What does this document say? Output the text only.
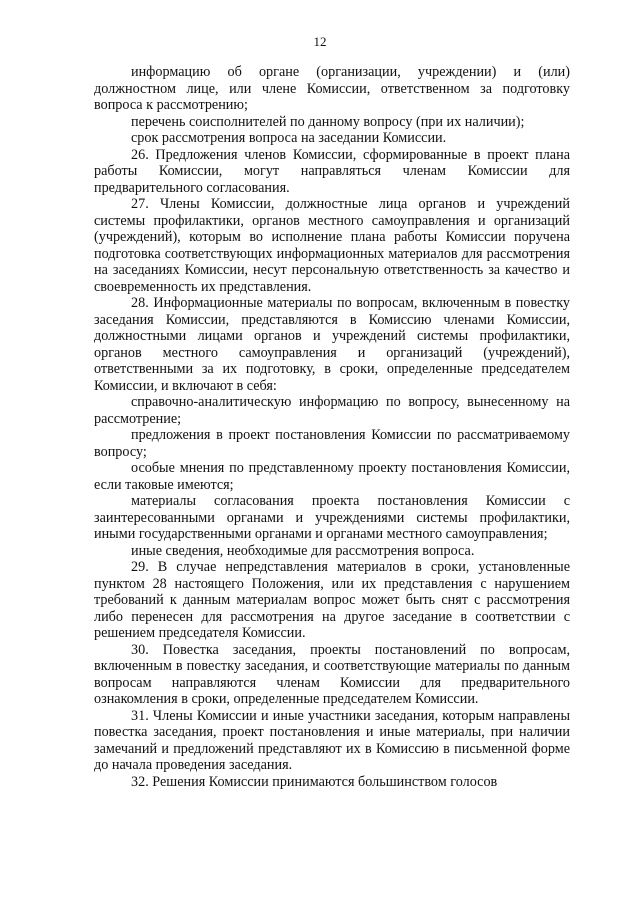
12

информацию об органе (организации, учреждении) и (или) должностном лице, или члене Комиссии, ответственном за подготовку вопроса к рассмотрению;

перечень соисполнителей по данному вопросу (при их наличии);

срок рассмотрения вопроса на заседании Комиссии.

26. Предложения членов Комиссии, сформированные в проект плана работы Комиссии, могут направляться членам Комиссии для предварительного согласования.

27. Члены Комиссии, должностные лица органов и учреждений системы профилактики, органов местного самоуправления и организаций (учреждений), которым во исполнение плана работы Комиссии поручена подготовка соответствующих информационных материалов для рассмотрения на заседаниях Комиссии, несут персональную ответственность за качество и своевременность их представления.

28. Информационные материалы по вопросам, включенным в повестку заседания Комиссии, представляются в Комиссию членами Комиссии, должностными лицами органов и учреждений системы профилактики, органов местного самоуправления и организаций (учреждений), ответственными за их подготовку, в сроки, определенные председателем Комиссии, и включают в себя:

справочно-аналитическую информацию по вопросу, вынесенному на рассмотрение;

предложения в проект постановления Комиссии по рассматриваемому вопросу;

особые мнения по представленному проекту постановления Комиссии, если таковые имеются;

материалы согласования проекта постановления Комиссии с заинтересованными органами и учреждениями системы профилактики, иными государственными органами и органами местного самоуправления;

иные сведения, необходимые для рассмотрения вопроса.

29. В случае непредставления материалов в сроки, установленные пунктом 28 настоящего Положения, или их представления с нарушением требований к данным материалам вопрос может быть снят с рассмотрения либо перенесен для рассмотрения на другое заседание в соответствии с решением председателя Комиссии.

30. Повестка заседания, проекты постановлений по вопросам, включенным в повестку заседания, и соответствующие материалы по данным вопросам направляются членам Комиссии для предварительного ознакомления в сроки, определенные председателем Комиссии.

31. Члены Комиссии и иные участники заседания, которым направлены повестка заседания, проект постановления и иные материалы, при наличии замечаний и предложений представляют их в Комиссию в письменной форме до начала проведения заседания.

32. Решения Комиссии принимаются большинством голосов
